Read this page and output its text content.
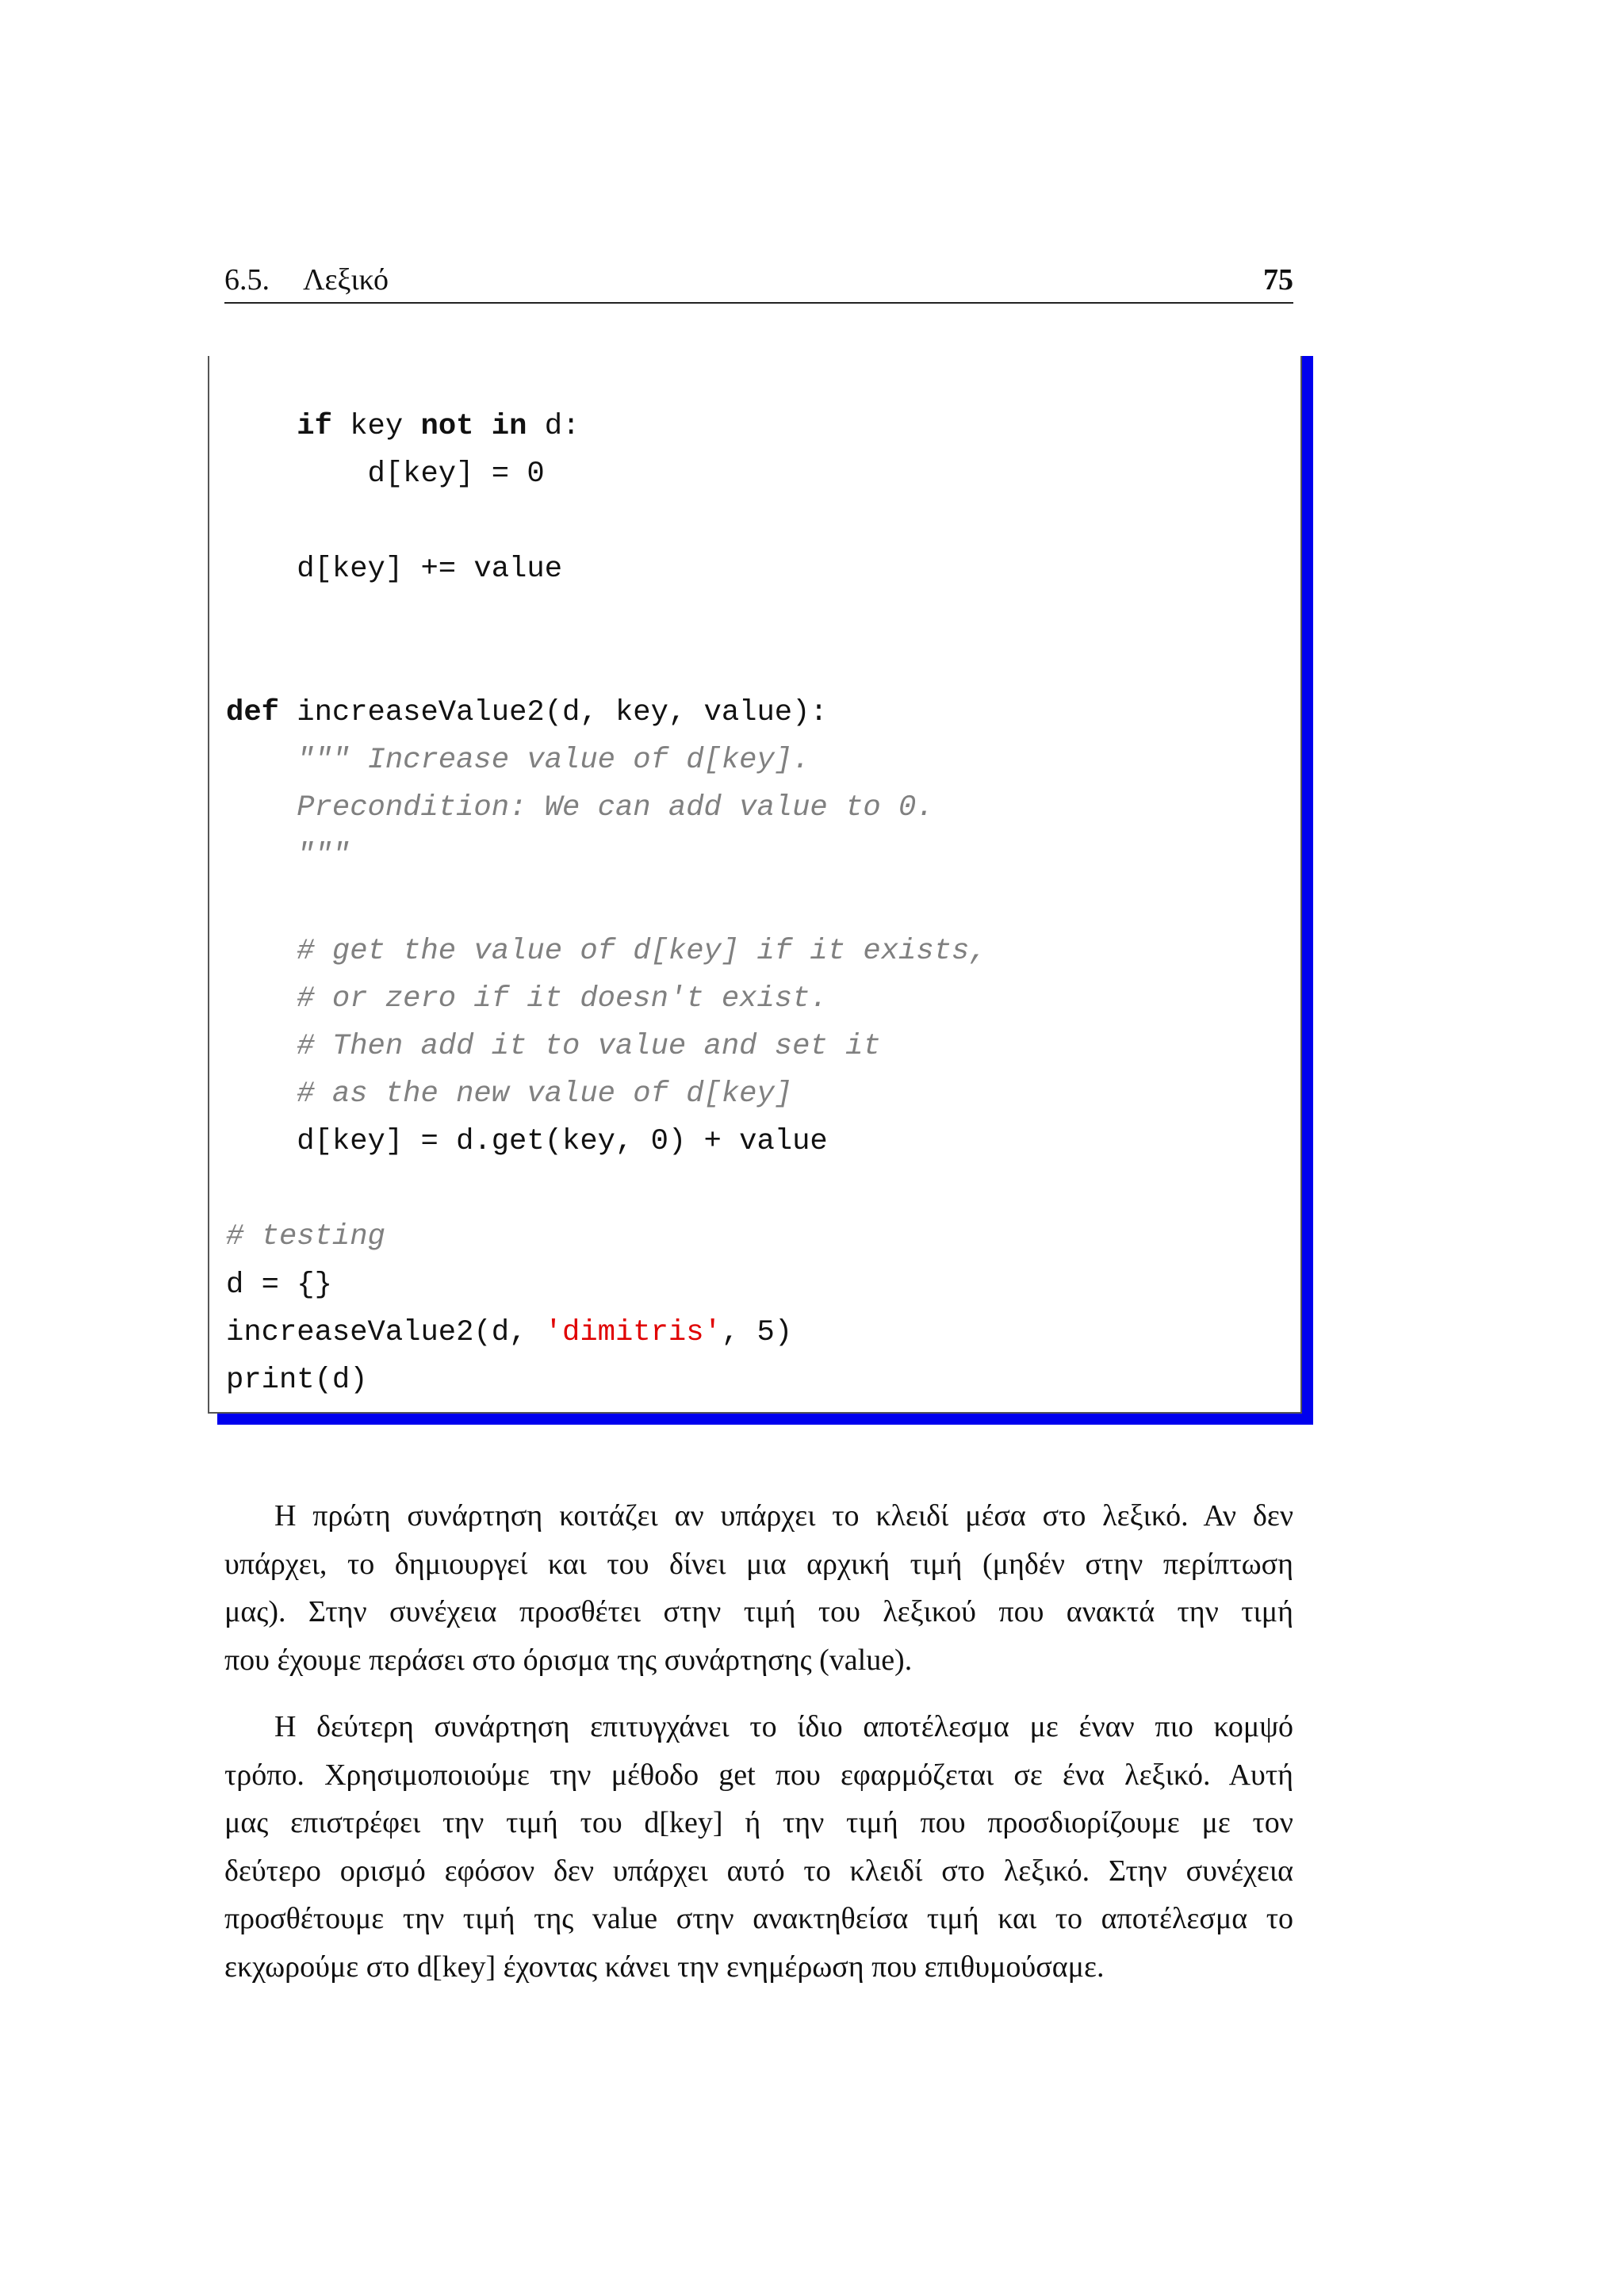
6.5. Λεξικό	75
if key not in d:
d[key] = 0
d[key] += value
def increaseValue2(d, key, value):
""" Increase value of d[key].
Precondition: We can add value to 0.
"""
# get the value of d[key] if it exists,
# or zero if it doesn't exist.
# Then add it to value and set it
# as the new value of d[key]
d[key] = d.get(key, 0) + value
# testing
d = {}
increaseValue2(d, 'dimitris', 5)
print(d)
Η πρώτη συνάρτηση κοιτάζει αν υπάρχει το κλειδί μέσα στο λεξικό. Αν δεν
υπάρχει, το δημιουργεί και του δίνει μια αρχική τιμή (μηδέν στην περίπτωση
μας). Στην συνέχεια προσθέτει στην τιμή του λεξικού που ανακτά την τιμή
που έχουμε περάσει στο όρισμα της συνάρτησης (value).
Η δεύτερη συνάρτηση επιτυγχάνει το ίδιο αποτέλεσμα με έναν πιο κομψό
τρόπο. Χρησιμοποιούμε την μέθοδο get που εφαρμόζεται σε ένα λεξικό. Αυτή
μας επιστρέφει την τιμή του d[key] ή την τιμή που προσδιορίζουμε με τον
δεύτερο ορισμό εφόσον δεν υπάρχει αυτό το κλειδί στο λεξικό. Στην συνέχεια
προσθέτουμε την τιμή της value στην ανακτηθείσα τιμή και το αποτέλεσμα το
εκχωρούμε στο d[key] έχοντας κάνει την ενημέρωση που επιθυμούσαμε.
